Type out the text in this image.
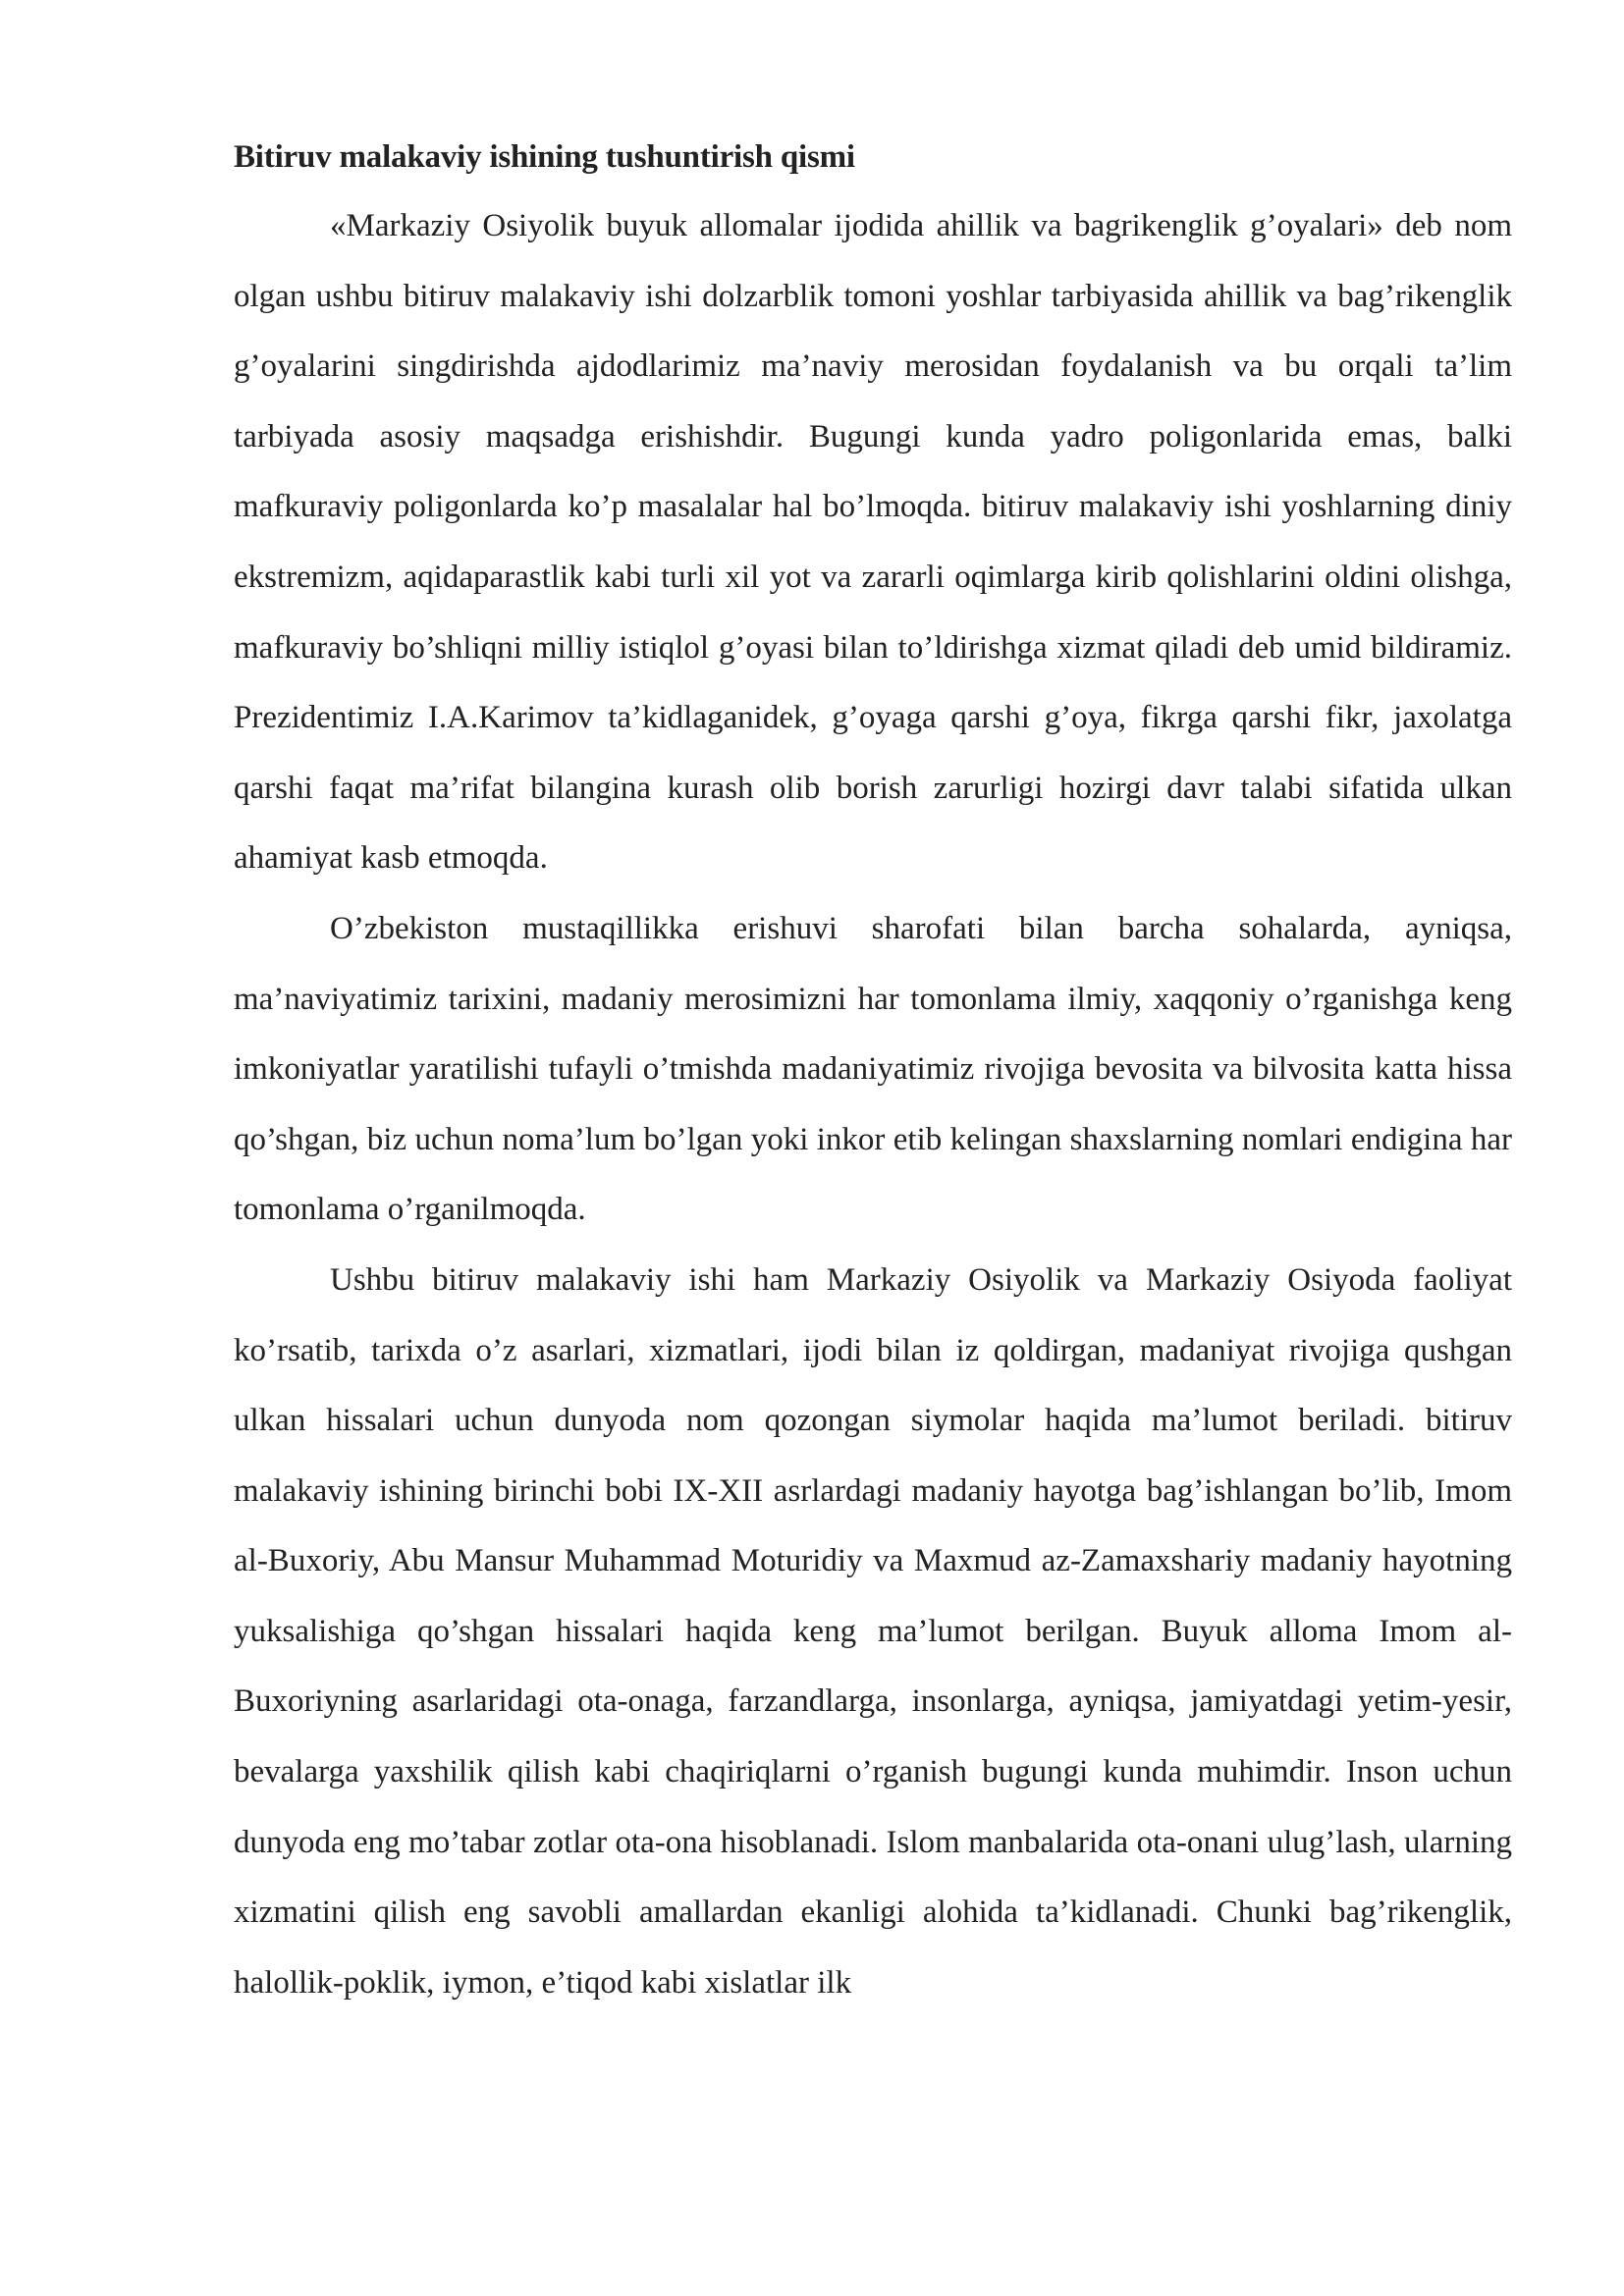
Bitiruv malakaviy ishining tushuntirish qismi

«Markaziy Osiyolik buyuk allomalar ijodida ahillik va bagrikenglik g’oyalari» deb nom olgan ushbu bitiruv malakaviy ishi dolzarblik tomoni yoshlar tarbiyasida ahillik va bag’rikenglik g’oyalarini singdirishda ajdodlarimiz ma’naviy merosidan foydalanish va bu orqali ta’lim tarbiyada asosiy maqsadga erishishdir. Bugungi kunda yadro poligonlarida emas, balki mafkuraviy poligonlarda ko’p masalalar hal bo’lmoqda. bitiruv malakaviy ishi yoshlarning diniy ekstremizm, aqidaparastlik kabi turli xil yot va zararli oqimlarga kirib qolishlarini oldini olishga, mafkuraviy bo’shliqni milliy istiqlol g’oyasi bilan to’ldirishga xizmat qiladi deb umid bildiramiz. Prezidentimiz I.A.Karimov ta’kidlaganidek, g’oyaga qarshi g’oya, fikrga qarshi fikr, jaxolatga qarshi faqat ma’rifat bilangina kurash olib borish zarurligi hozirgi davr talabi sifatida ulkan ahamiyat kasb etmoqda.

O’zbekiston mustaqillikka erishuvi sharofati bilan barcha sohalarda, ayniqsa, ma’naviyatimiz tarixini, madaniy merosimizni har tomonlama ilmiy, xaqqoniy o’rganishga keng imkoniyatlar yaratilishi tufayli o’tmishda madaniyatimiz rivojiga bevosita va bilvosita katta hissa qo’shgan, biz uchun noma’lum bo’lgan yoki inkor etib kelingan shaxslarning nomlari endigina har tomonlama o’rganilmoqda.

Ushbu bitiruv malakaviy ishi ham Markaziy Osiyolik va Markaziy Osiyoda faoliyat ko’rsatib, tarixda o’z asarlari, xizmatlari, ijodi bilan iz qoldirgan, madaniyat rivojiga qushgan ulkan hissalari uchun dunyoda nom qozongan siymolar haqida ma’lumot beriladi. bitiruv malakaviy ishining birinchi bobi IX-XII asrlardagi madaniy hayotga bag’ishlangan bo’lib, Imom al-Buxoriy, Abu Mansur Muhammad Moturidiy va Maxmud az-Zamaxshariy madaniy hayotning yuksalishiga qo’shgan hissalari haqida keng ma’lumot berilgan. Buyuk alloma Imom al-Buxoriyning asarlaridagi ota-onaga, farzandlarga, insonlarga, ayniqsa, jamiyatdagi yetim-yesir, bevalarga yaxshilik qilish kabi chaqiriqlarni o’rganish bugungi kunda muhimdir. Inson uchun dunyoda eng mo’tabar zotlar ota-ona hisoblanadi. Islom manbalarida ota-onani ulug’lash, ularning xizmatini qilish eng savobli amallardan ekanligi alohida ta’kidlanadi. Chunki bag’rikenglik, halollik-poklik, iymon, e’tiqod kabi xislatlar ilk
